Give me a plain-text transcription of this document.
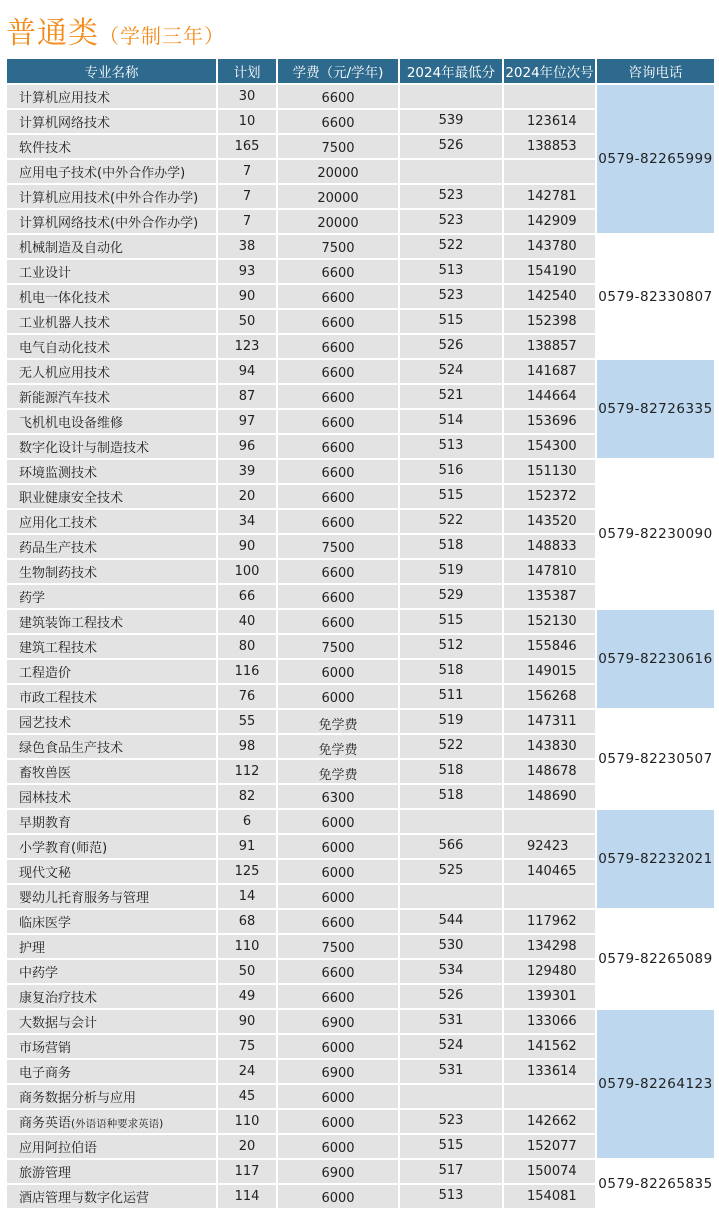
普通类（学制三年）
专业名称	计划	学费（元/学年)	2024年最低分	2024年位次号	咨询电话
计算机应用技术	30	6600			0579-82265999
计算机网络技术	10	6600	539	123614	
软件技术	165	7500	526	138853	
应用电子技术(中外合作办学)	7	20000			
计算机应用技术(中外合作办学)	7	20000	523	142781	
计算机网络技术(中外合作办学)	7	20000	523	142909	
机械制造及自动化	38	7500	522	143780	0579-82330807
工业设计	93	6600	513	154190	
机电一体化技术	90	6600	523	142540	
工业机器人技术	50	6600	515	152398	
电气自动化技术	123	6600	526	138857	
无人机应用技术	94	6600	524	141687	0579-82726335
新能源汽车技术	87	6600	521	144664	
飞机机电设备维修	97	6600	514	153696	
数字化设计与制造技术	96	6600	513	154300	
环境监测技术	39	6600	516	151130	0579-82230090
职业健康安全技术	20	6600	515	152372	
应用化工技术	34	6600	522	143520	
药品生产技术	90	7500	518	148833	
生物制药技术	100	6600	519	147810	
药学	66	6600	529	135387	
建筑装饰工程技术	40	6600	515	152130	0579-82230616
建筑工程技术	80	7500	512	155846	
工程造价	116	6000	518	149015	
市政工程技术	76	6000	511	156268	
园艺技术	55	免学费	519	147311	0579-82230507
绿色食品生产技术	98	免学费	522	143830	
畜牧兽医	112	免学费	518	148678	
园林技术	82	6300	518	148690	
早期教育	6	6000			0579-82232021
小学教育(师范)	91	6000	566	92423	
现代文秘	125	6000	525	140465	
婴幼儿托育服务与管理	14	6000			
临床医学	68	6600	544	117962	0579-82265089
护理	110	7500	530	134298	
中药学	50	6600	534	129480	
康复治疗技术	49	6600	526	139301	
大数据与会计	90	6900	531	133066	0579-82264123
市场营销	75	6000	524	141562	
电子商务	24	6900	531	133614	
商务数据分析与应用	45	6000			
商务英语(外语语种要求英语)	110	6000	523	142662	
应用阿拉伯语	20	6000	515	152077	
旅游管理	117	6900	517	150074	0579-82265835
酒店管理与数字化运营	114	6000	513	154081	
